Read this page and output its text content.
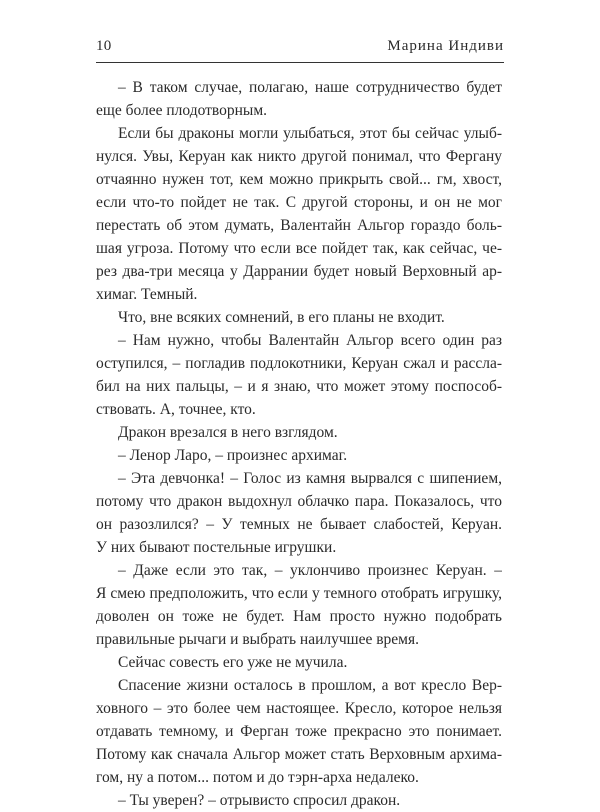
10	Марина Индиви

– В таком случае, полагаю, наше сотрудничество будет

еще более плодотворным.

Если бы драконы могли улыбаться, этот бы сейчас улыб-

нулся. Увы, Керуан как никто другой понимал, что Фергану

отчаянно нужен тот, кем можно прикрыть свой... гм, хвост,

если что-то пойдет не так. С другой стороны, и он не мог

перестать об этом думать, Валентайн Альгор гораздо боль-

шая угроза. Потому что если все пойдет так, как сейчас, че-

рез два-три месяца у Даррании будет новый Верховный ар-

химаг. Темный.

Что, вне всяких сомнений, в его планы не входит.

– Нам нужно, чтобы Валентайн Альгор всего один раз

оступился, – погладив подлокотники, Керуан сжал и рассла-

бил на них пальцы, – и я знаю, что может этому поспособ-

ствовать. А, точнее, кто.

Дракон врезался в него взглядом.

– Ленор Ларо, – произнес архимаг.

– Эта девчонка! – Голос из камня вырвался с шипением,

потому что дракон выдохнул облачко пара. Показалось, что

он разозлился? – У темных не бывает слабостей, Керуан.

У них бывают постельные игрушки.

– Даже если это так, – уклончиво произнес Керуан. –

Я смею предположить, что если у темного отобрать игрушку,

доволен он тоже не будет. Нам просто нужно подобрать

правильные рычаги и выбрать наилучшее время.

Сейчас совесть его уже не мучила.

Спасение жизни осталось в прошлом, а вот кресло Вер-

ховного – это более чем настоящее. Кресло, которое нельзя

отдавать темному, и Ферган тоже прекрасно это понимает.

Потому как сначала Альгор может стать Верховным архима-

гом, ну а потом... потом и до тэрн-арха недалеко.

– Ты уверен? – отрывисто спросил дракон.
